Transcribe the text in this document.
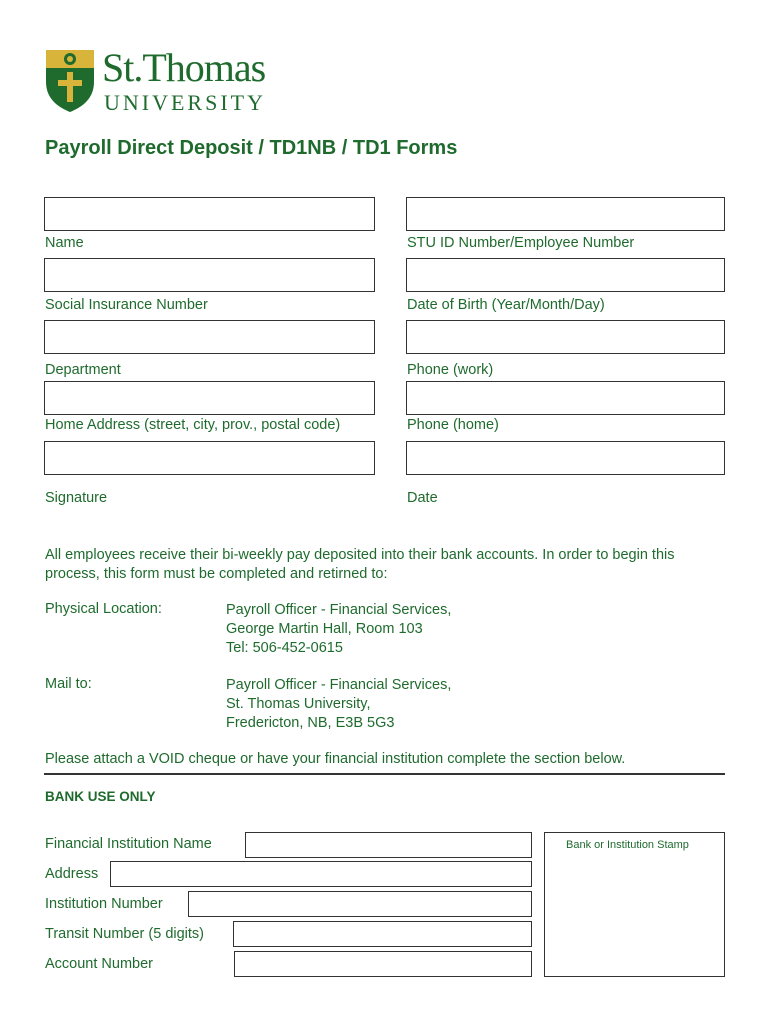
St.Thomas
UNIVERSITY
Payroll Direct Deposit / TD1NB / TD1 Forms
Name	STU ID Number/Employee Number
Social Insurance Number	Date of Birth (Year/Month/Day)
Department	Phone (work)
Home Address (street, city, prov., postal code)	Phone (home)
Signature	Date
All employees receive their bi-weekly pay deposited into their bank accounts. In order to begin this process, this form must be completed and retirned to:
Physical Location:	Payroll Officer - Financial Services,
George Martin Hall, Room 103
Tel: 506-452-0615
Mail to:	Payroll Officer - Financial Services,
St. Thomas University,
Fredericton, NB, E3B 5G3
Please attach a VOID cheque or have your financial institution complete the section below.
BANK USE ONLY
Financial Institution Name
Address
Institution Number
Transit Number (5 digits)
Account Number
Bank or Institution Stamp
